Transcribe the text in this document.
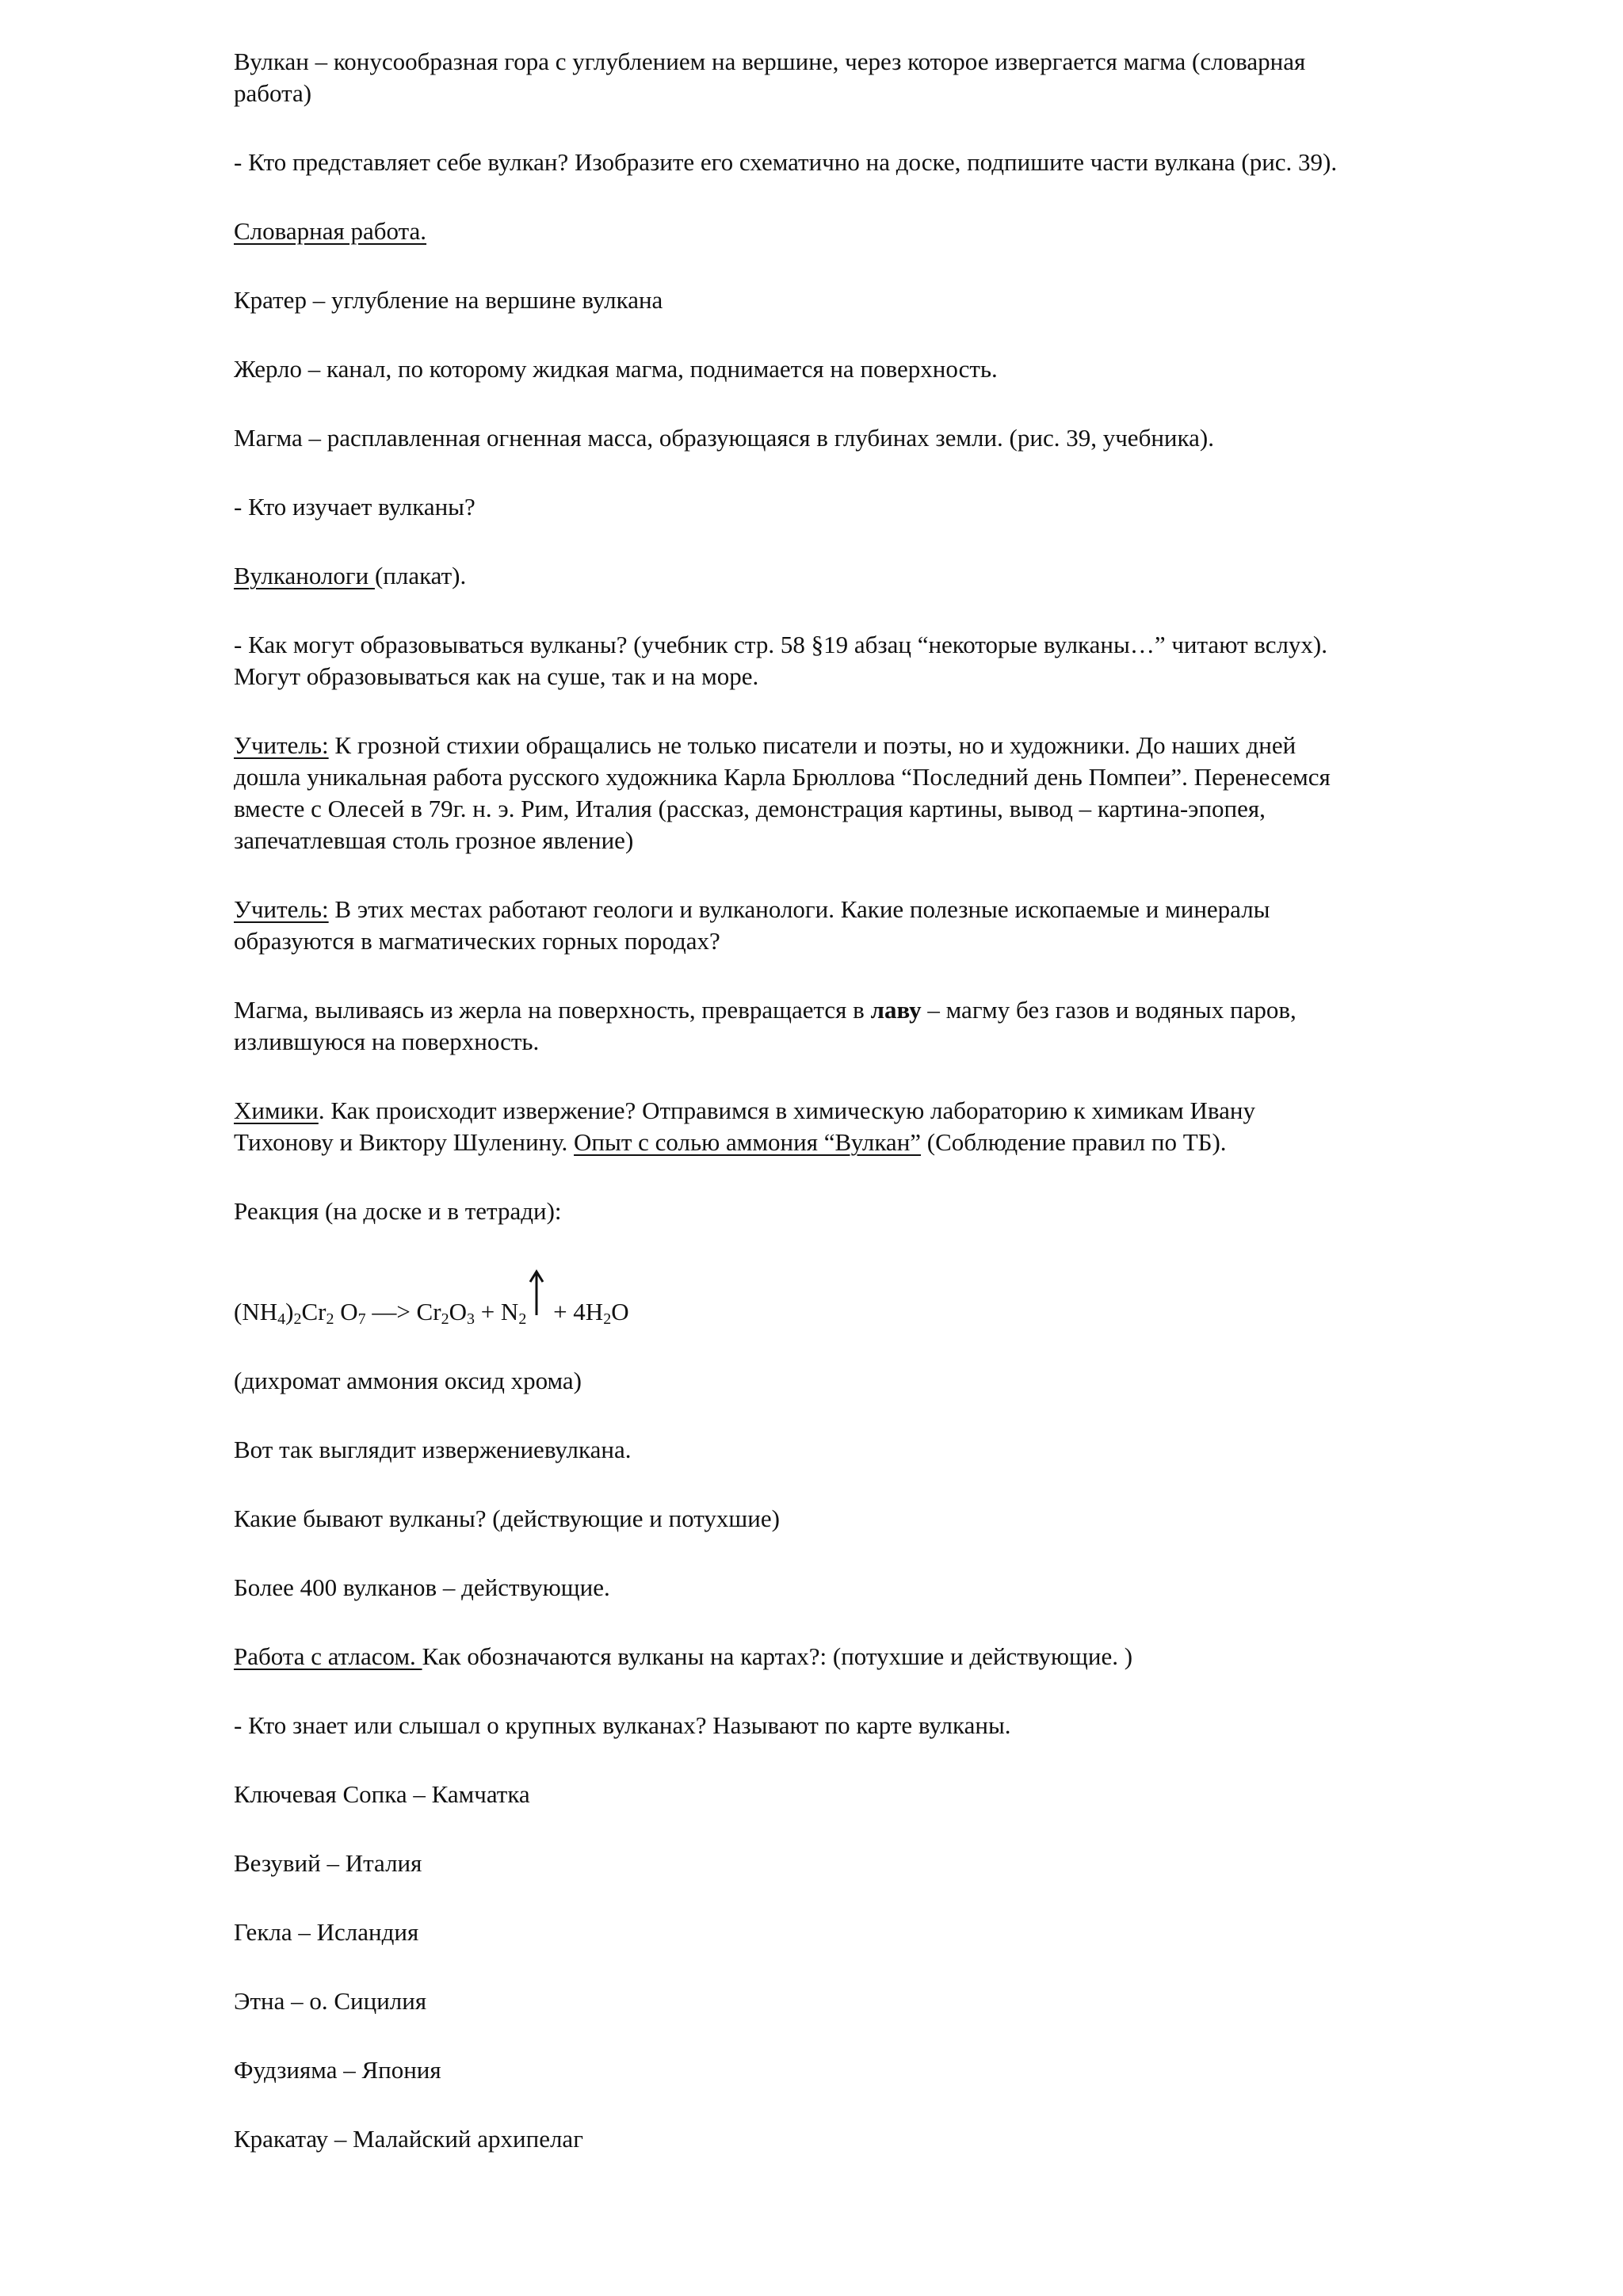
Вулкан – конусообразная гора с углублением на вершине, через которое извергается магма (словарная
работа)

- Кто представляет себе вулкан? Изобразите его схематично на доске, подпишите части вулкана (рис. 39).

Словарная работа.

Кратер – углубление на вершине вулкана

Жерло – канал, по которому жидкая магма, поднимается на поверхность.

Магма – расплавленная огненная масса, образующаяся в глубинах земли. (рис. 39, учебника).

- Кто изучает вулканы?

Вулканологи (плакат).

- Как могут образовываться вулканы? (учебник стр. 58 §19 абзац “некоторые вулканы…” читают вслух).
Могут образовываться как на суше, так и на море.

Учитель: К грозной стихии обращались не только писатели и поэты, но и художники. До наших дней
дошла уникальная работа русского художника Карла Брюллова “Последний день Помпеи”. Перенесемся
вместе с Олесей в 79г. н. э. Рим, Италия (рассказ, демонстрация картины, вывод – картина-эпопея,
запечатлевшая столь грозное явление)

Учитель: В этих местах работают геологи и вулканологи. Какие полезные ископаемые и минералы
образуются в магматических горных породах?

Магма, выливаясь из жерла на поверхность, превращается в лаву – магму без газов и водяных паров,
излившуюся на поверхность.

Химики. Как происходит извержение? Отправимся в химическую лабораторию к химикам Ивану
Тихонову и Виктору Шуленину. Опыт с солью аммония “Вулкан” (Соблюдение правил по ТБ).

Реакция (на доске и в тетради):

$(NH_4)_2Cr_2$ $O_7$ —> $Cr_2O_3 + N_2$
+ $4H_2O$

(дихромат аммония оксид хрома)

Вот так выглядит извержениевулкана.

Какие бывают вулканы? (действующие и потухшие)

Более 400 вулканов – действующие.

Работа с атласом. Как обозначаются вулканы на картах?: (потухшие и действующие. )

- Кто знает или слышал о крупных вулканах? Называют по карте вулканы.

Ключевая Сопка – Камчатка

Везувий – Италия

Гекла – Исландия

Этна – о. Сицилия

Фудзияма – Япония

Кракатау – Малайский архипелаг
